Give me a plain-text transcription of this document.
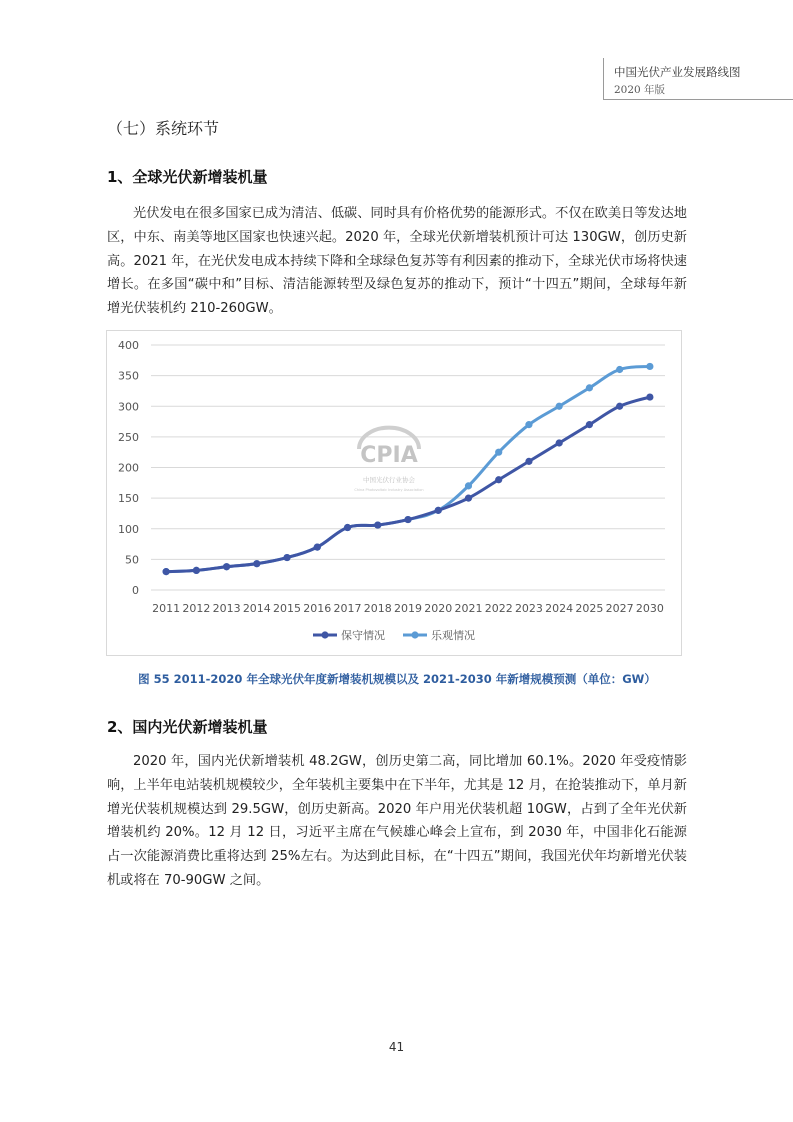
中国光伏产业发展路线图
2020 年版
（七）系统环节
1、全球光伏新增装机量
光伏发电在很多国家已成为清洁、低碳、同时具有价格优势的能源形式。不仅在欧美日等发达地区，中东、南美等地区国家也快速兴起。2020 年，全球光伏新增装机预计可达 130GW，创历史新高。2021 年，在光伏发电成本持续下降和全球绿色复苏等有利因素的推动下，全球光伏市场将快速增长。在多国“碳中和”目标、清洁能源转型及绿色复苏的推动下，预计“十四五”期间，全球每年新增光伏装机约 210-260GW。
CPIA
中国光伏行业协会
China Photovoltaic Industry Association
0
50
100
150
200
250
300
350
400
2011 2012 2013 2014 2015 2016 2017 2018 2019 2020 2021 2022 2023 2024 2025 2027 2030
保守情况	乐观情况
图 55 2011-2020 年全球光伏年度新增装机规模以及 2021-2030 年新增规模预测（单位：GW）
2、国内光伏新增装机量
2020 年，国内光伏新增装机 48.2GW，创历史第二高，同比增加 60.1%。2020 年受疫情影响，上半年电站装机规模较少，全年装机主要集中在下半年，尤其是 12 月，在抢装推动下，单月新增光伏装机规模达到 29.5GW，创历史新高。2020 年户用光伏装机超 10GW，占到了全年光伏新增装机约 20%。12 月 12 日，习近平主席在气候雄心峰会上宣布，到 2030 年，中国非化石能源占一次能源消费比重将达到 25%左右。为达到此目标，在“十四五”期间，我国光伏年均新增光伏装机或将在 70-90GW 之间。
41
